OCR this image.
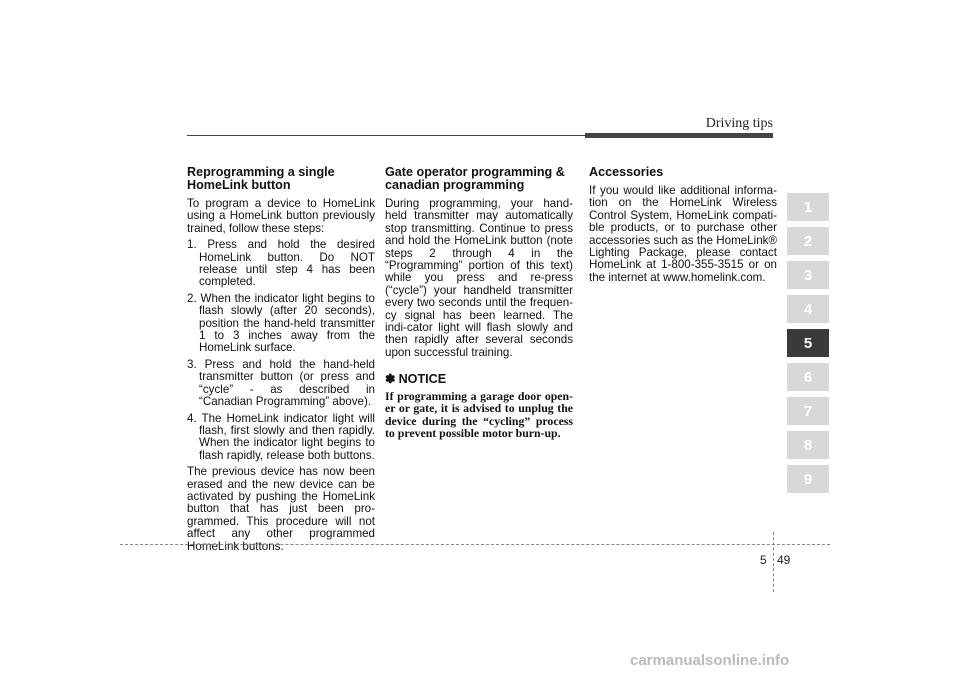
Driving tips
Reprogramming a single HomeLink button

To program a device to HomeLink using a HomeLink button previously trained, follow these steps:

1. Press and hold the desired HomeLink button. Do NOT release until step 4 has been completed.
2. When the indicator light begins to flash slowly (after 20 seconds), position the hand-held transmitter 1 to 3 inches away from the HomeLink surface.
3. Press and hold the hand-held transmitter button (or press and “cycle” - as described in “Canadian Programming” above).
4. The HomeLink indicator light will flash, first slowly and then rapidly. When the indicator light begins to flash rapidly, release both buttons.

The previous device has now been erased and the new device can be activated by pushing the HomeLink button that has just been pro-grammed. This procedure will not affect any other programmed HomeLink buttons.

Gate operator programming & canadian programming

During programming, your hand-held transmitter may automatically stop transmitting. Continue to press and hold the HomeLink button (note steps 2 through 4 in the “Programming” portion of this text) while you press and re-press (“cycle”) your handheld transmitter every two seconds until the frequen-cy signal has been learned. The indi-cator light will flash slowly and then rapidly after several seconds upon successful training.

✽ NOTICE

If programming a garage door open-er or gate, it is advised to unplug the device during the “cycling” process to prevent possible motor burn-up.

Accessories

If you would like additional informa-tion on the HomeLink Wireless Control System, HomeLink compati-ble products, or to purchase other accessories such as the HomeLink® Lighting Package, please contact HomeLink at 1-800-355-3515 or on the internet at www.homelink.com.

1
2
3
4
5
6
7
8
9
5 49
carmanualsonline.info
